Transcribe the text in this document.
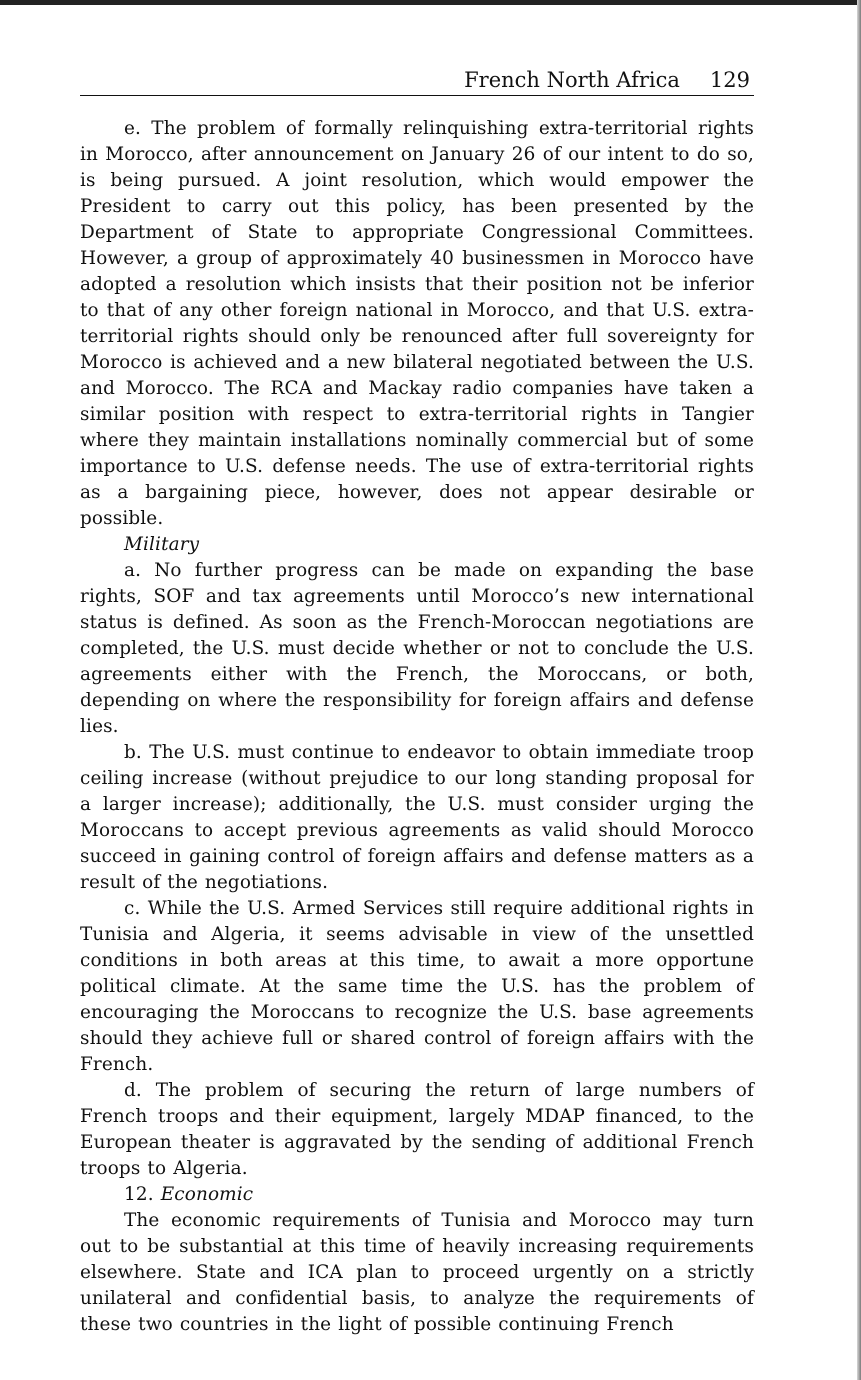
French North Africa 129

e. The problem of formally relinquishing extra-territorial rights in Morocco, after announcement on January 26 of our intent to do so, is being pursued. A joint resolution, which would empower the President to carry out this policy, has been presented by the Department of State to appropriate Congressional Committees. However, a group of approximately 40 businessmen in Morocco have adopted a resolution which insists that their position not be inferior to that of any other foreign national in Morocco, and that U.S. extra-territorial rights should only be renounced after full sovereignty for Morocco is achieved and a new bilateral negotiated between the U.S. and Morocco. The RCA and Mackay radio companies have taken a similar position with respect to extra-territorial rights in Tangier where they maintain installations nominally commercial but of some importance to U.S. defense needs. The use of extra-territorial rights as a bargaining piece, however, does not appear desirable or possible.

Military

a. No further progress can be made on expanding the base rights, SOF and tax agreements until Morocco’s new international status is defined. As soon as the French-Moroccan negotiations are completed, the U.S. must decide whether or not to conclude the U.S. agreements either with the French, the Moroccans, or both, depending on where the responsibility for foreign affairs and defense lies.

b. The U.S. must continue to endeavor to obtain immediate troop ceiling increase (without prejudice to our long standing proposal for a larger increase); additionally, the U.S. must consider urging the Moroccans to accept previous agreements as valid should Morocco succeed in gaining control of foreign affairs and defense matters as a result of the negotiations.

c. While the U.S. Armed Services still require additional rights in Tunisia and Algeria, it seems advisable in view of the unsettled conditions in both areas at this time, to await a more opportune political climate. At the same time the U.S. has the problem of encouraging the Moroccans to recognize the U.S. base agreements should they achieve full or shared control of foreign affairs with the French.

d. The problem of securing the return of large numbers of French troops and their equipment, largely MDAP financed, to the European theater is aggravated by the sending of additional French troops to Algeria.

12. Economic

The economic requirements of Tunisia and Morocco may turn out to be substantial at this time of heavily increasing requirements elsewhere. State and ICA plan to proceed urgently on a strictly unilateral and confidential basis, to analyze the requirements of these two countries in the light of possible continuing French
